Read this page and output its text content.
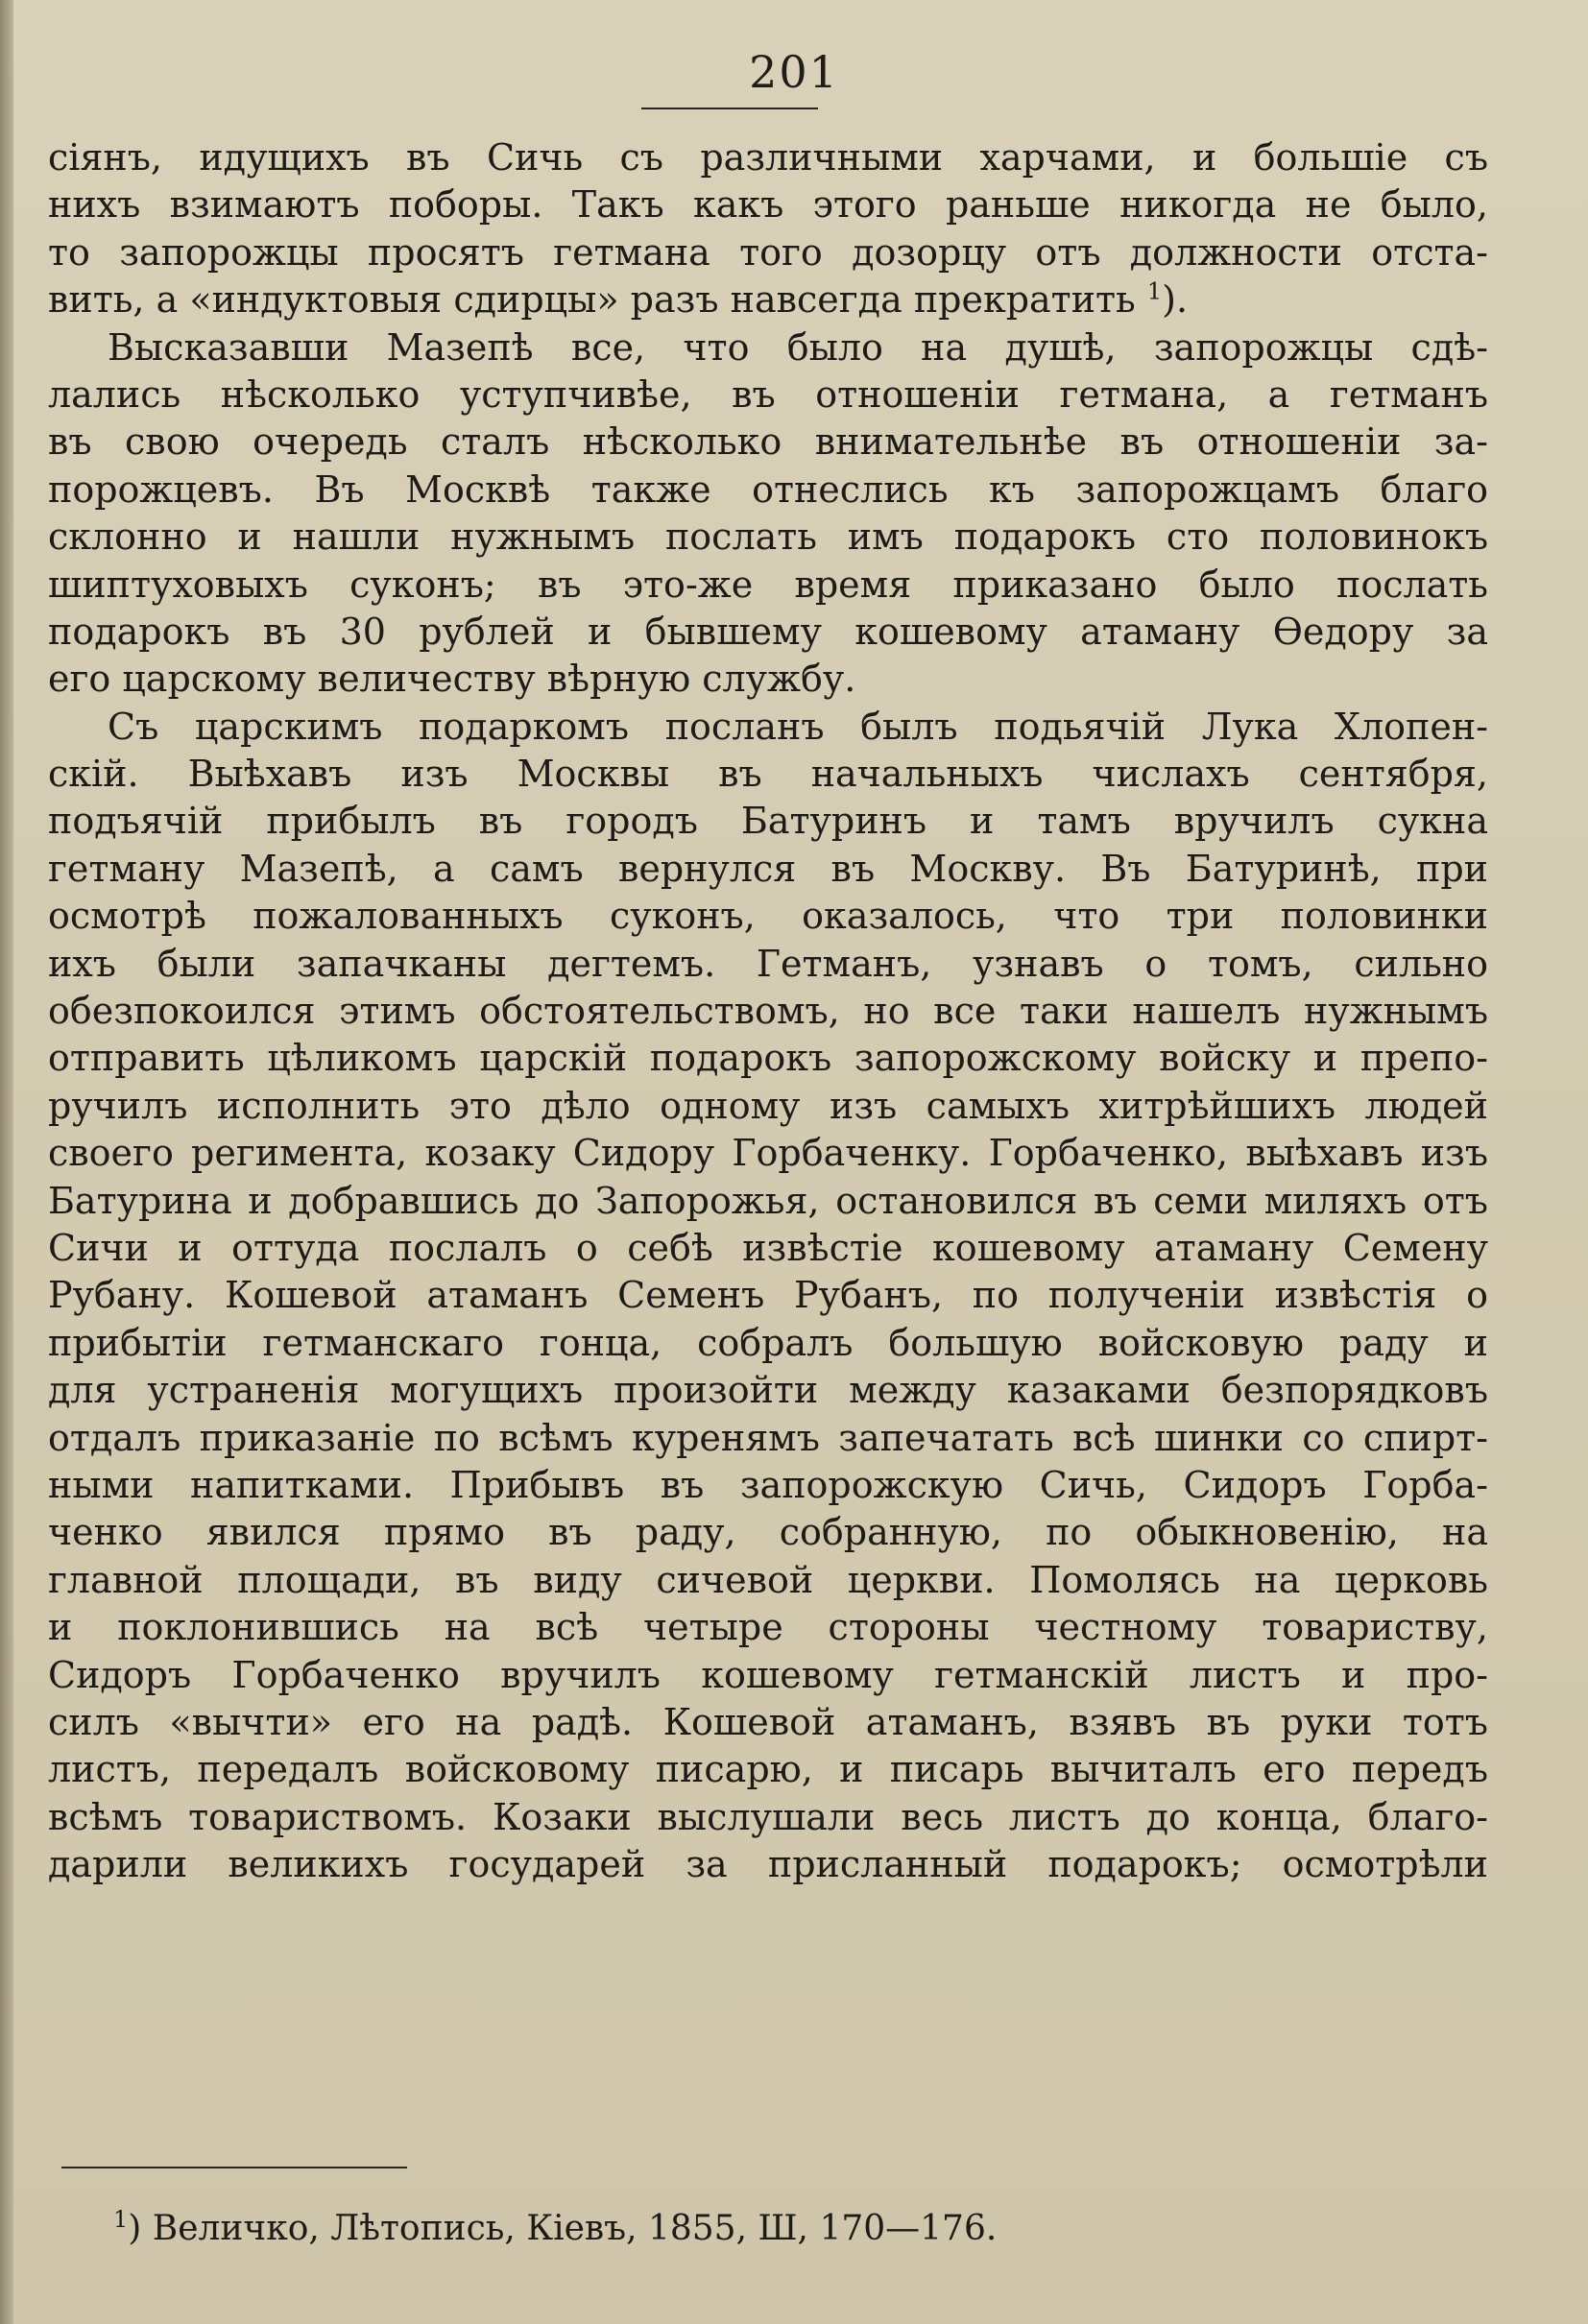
201
сіянъ, идущихъ въ Сичь съ различными харчами, и большіе съ
нихъ взимаютъ поборы. Такъ какъ этого раньше никогда не было,
то запорожцы просятъ гетмана того дозорцу отъ должности отста-
вить, а «индуктовыя сдирцы» разъ навсегда прекратить $^1$).
Высказавши Мазепѣ все, что было на душѣ, запорожцы сдѣ-
лались нѣсколько уступчивѣе, въ отношеніи гетмана, а гетманъ
въ свою очередь сталъ нѣсколько внимательнѣе въ отношеніи за-
порожцевъ. Въ Москвѣ также отнеслись къ запорожцамъ благо
склонно и нашли нужнымъ послать имъ подарокъ сто половинокъ
шиптуховыхъ суконъ; въ это-же время приказано было послать
подарокъ въ 30 рублей и бывшему кошевому атаману Ѳедору за
его царскому величеству вѣрную службу.
Съ царскимъ подаркомъ посланъ былъ подьячій Лука Хлопен-
скій. Выѣхавъ изъ Москвы въ начальныхъ числахъ сентября,
подъячій прибылъ въ городъ Батуринъ и тамъ вручилъ сукна
гетману Мазепѣ, а самъ вернулся въ Москву. Въ Батуринѣ, при
осмотрѣ пожалованныхъ суконъ, оказалось, что три половинки
ихъ были запачканы дегтемъ. Гетманъ, узнавъ о томъ, сильно
обезпокоился этимъ обстоятельствомъ, но все таки нашелъ нужнымъ
отправить цѣликомъ царскій подарокъ запорожскому войску и препо-
ручилъ исполнить это дѣло одному изъ самыхъ хитрѣйшихъ людей
своего регимента, козаку Сидору Горбаченку. Горбаченко, выѣхавъ изъ
Батурина и добравшись до Запорожья, остановился въ семи миляхъ отъ
Сичи и оттуда послалъ о себѣ извѣстіе кошевому атаману Семену
Рубану. Кошевой атаманъ Семенъ Рубанъ, по полученіи извѣстія о
прибытіи гетманскаго гонца, собралъ большую войсковую раду и
для устраненія могущихъ произойти между казаками безпорядковъ
отдалъ приказаніе по всѣмъ куренямъ запечатать всѣ шинки со спирт-
ными напитками. Прибывъ въ запорожскую Сичь, Сидоръ Горба-
ченко явился прямо въ раду, собранную, по обыкновенію, на
главной площади, въ виду сичевой церкви. Помолясь на церковь
и поклонившись на всѣ четыре стороны честному товариству,
Сидоръ Горбаченко вручилъ кошевому гетманскій листъ и про-
силъ «вычти» его на радѣ. Кошевой атаманъ, взявъ въ руки тотъ
листъ, передалъ войсковому писарю, и писарь вычиталъ его передъ
всѣмъ товариствомъ. Козаки выслушали весь листъ до конца, благо-
дарили великихъ государей за присланный подарокъ; осмотрѣли
$^1$) Величко, Лѣтопись, Кіевъ, 1855, Ш, 170—176.
